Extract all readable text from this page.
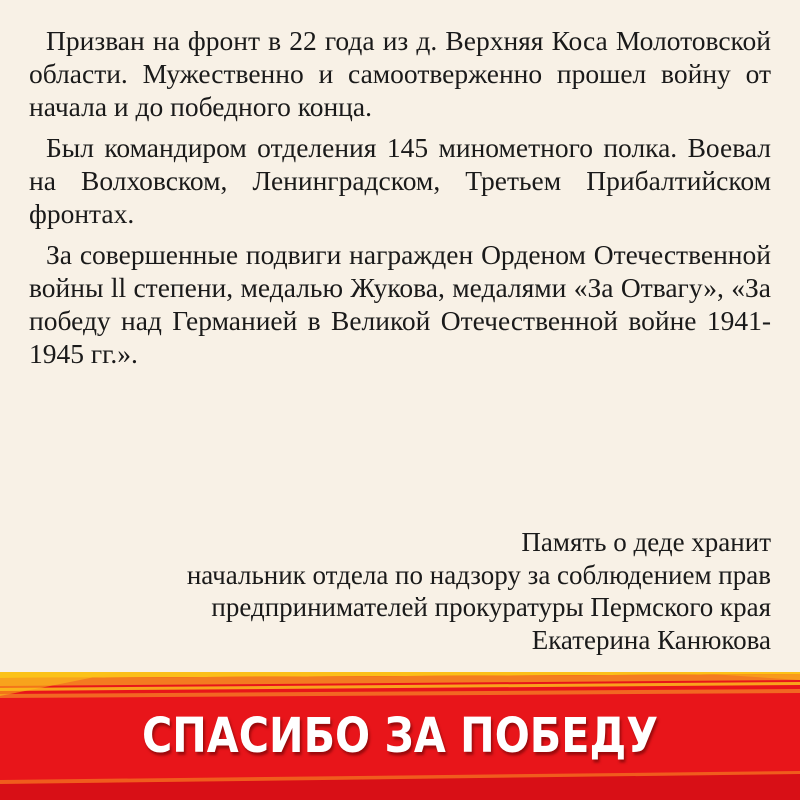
Призван на фронт в 22 года из д. Верхняя Коса Молотовской области. Мужественно и самоотверженно прошел войну от начала и до победного конца.

Был командиром отделения 145 минометного полка. Воевал на Волховском, Ленинградском, Третьем Прибалтийском фронтах.

За совершенные подвиги награжден Орденом Отечественной войны ll степени, медалью Жукова, медалями «За Отвагу», «За победу над Германией в Великой Отечественной войне 1941-1945 гг.».

Память о деде хранит
начальник отдела по надзору за соблюдением прав
предпринимателей прокуратуры Пермского края
Екатерина Канюкова
СПАСИБО ЗА ПОБЕДУ
